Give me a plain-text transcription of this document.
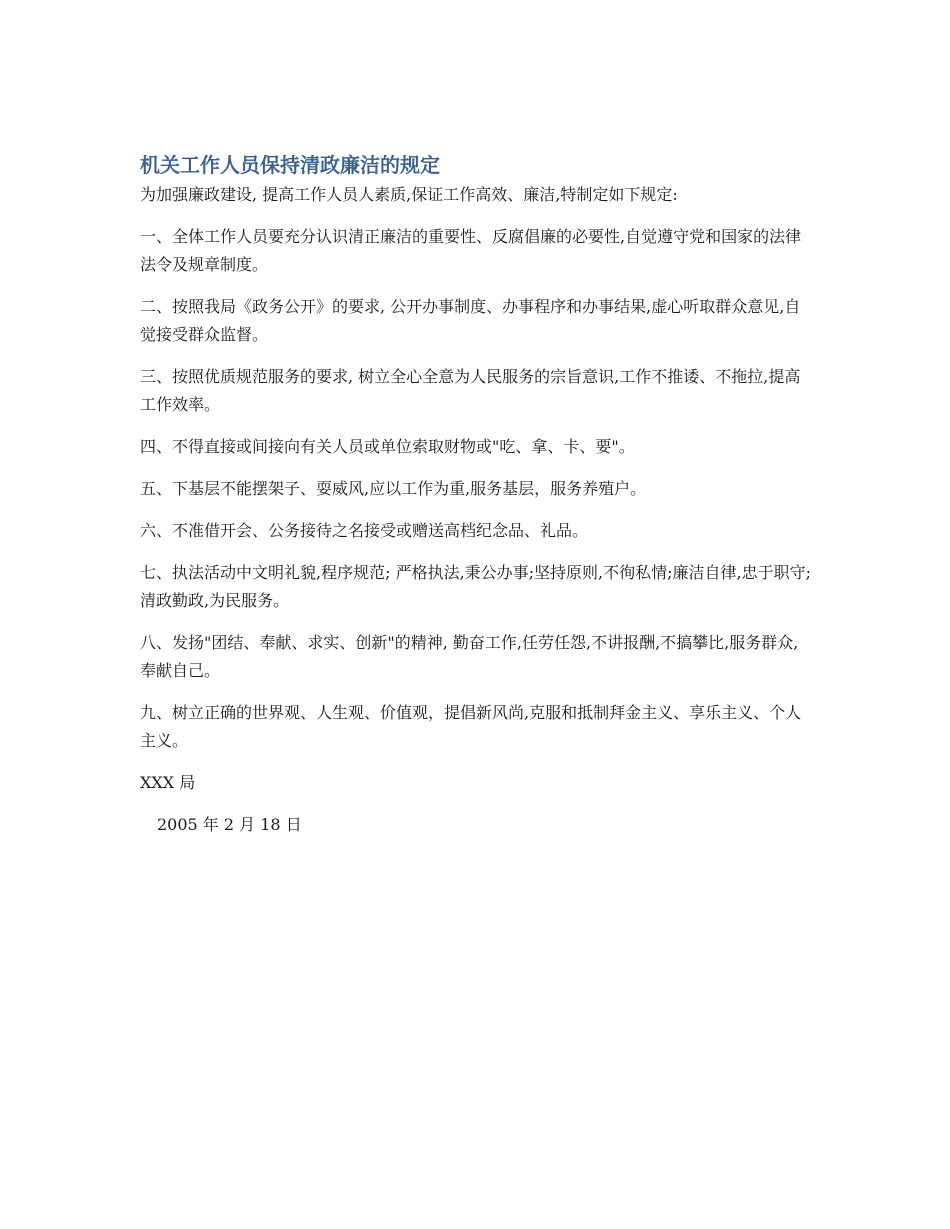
机关工作人员保持清政廉洁的规定

为加强廉政建设, 提高工作人员人素质,保证工作高效、廉洁,特制定如下规定:

一、全体工作人员要充分认识清正廉洁的重要性、反腐倡廉的必要性,自觉遵守党和国家的法律法令及规章制度。

二、按照我局《政务公开》的要求, 公开办事制度、办事程序和办事结果,虚心听取群众意见,自觉接受群众监督。

三、按照优质规范服务的要求, 树立全心全意为人民服务的宗旨意识,工作不推诿、不拖拉,提高工作效率。

四、不得直接或间接向有关人员或单位索取财物或"吃、拿、卡、要"。

五、下基层不能摆架子、耍威风,应以工作为重,服务基层，服务养殖户。

六、不准借开会、公务接待之名接受或赠送高档纪念品、礼品。

七、执法活动中文明礼貌,程序规范; 严格执法,秉公办事;坚持原则,不徇私情;廉洁自律,忠于职守;清政勤政,为民服务。

八、发扬"团结、奉献、求实、创新"的精神, 勤奋工作,任劳任怨,不讲报酬,不搞攀比,服务群众,奉献自己。

九、树立正确的世界观、人生观、价值观，提倡新风尚,克服和抵制拜金主义、享乐主义、个人主义。

XXX 局

2005 年 2 月 18 日
